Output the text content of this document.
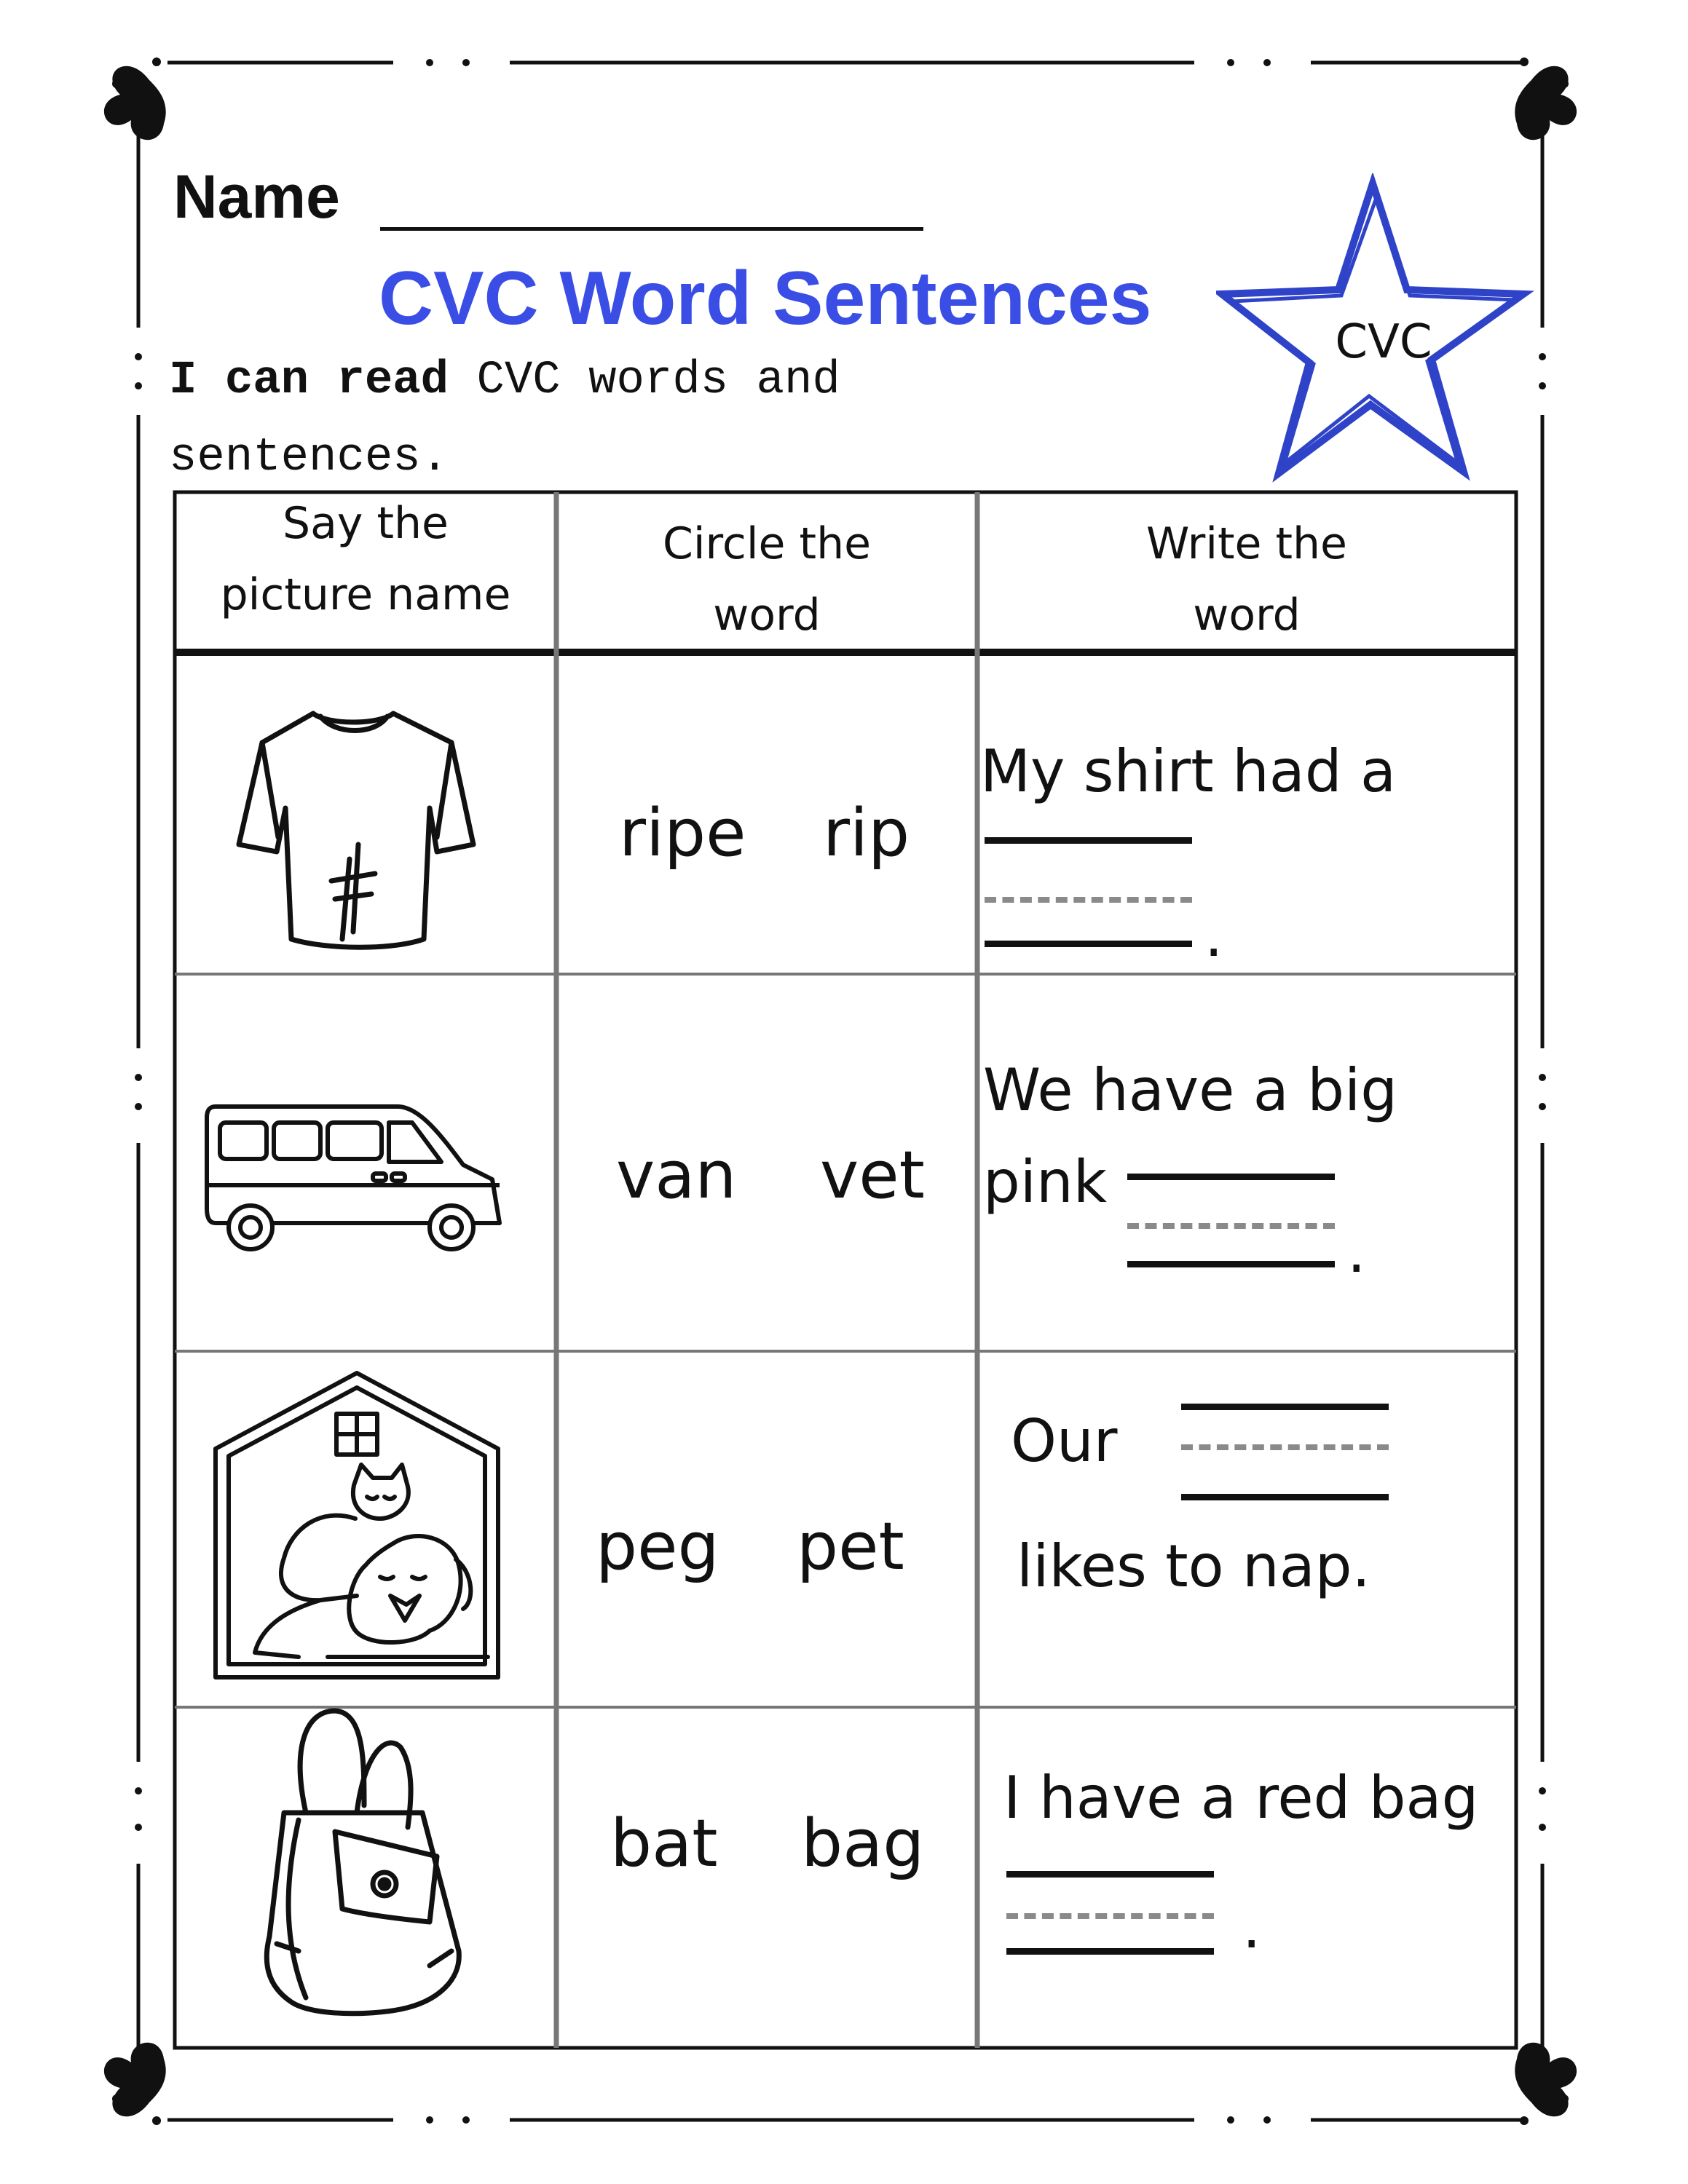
Name
CVC Word Sentences
I can read CVC words and sentences.
CVC
Say the
picture name
Circle the
word
Write the
word
ripe rip
My shirt had a
.
van vet
We have a big
pink
.
peg pet
Our
likes to nap.
bat bag
I have a red bag
.
